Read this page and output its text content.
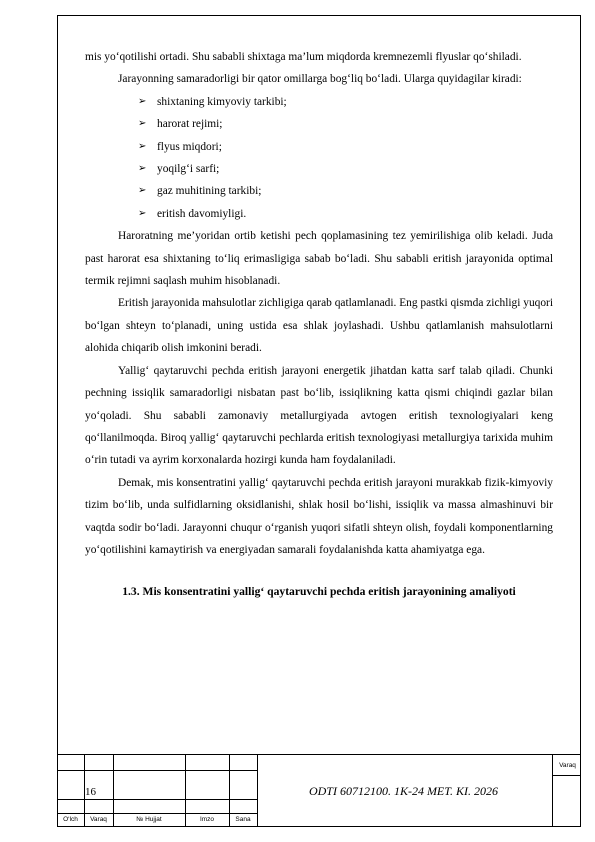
mis yo‘qotilishi ortadi. Shu sababli shixtaga ma’lum miqdorda kremnezemli flyuslar qo‘shiladi.

Jarayonning samaradorligi bir qator omillarga bog‘liq bo‘ladi. Ularga quyidagilar kiradi:

➢ shixtaning kimyoviy tarkibi;
➢ harorat rejimi;
➢ flyus miqdori;
➢ yoqilg‘i sarfi;
➢ gaz muhitining tarkibi;
➢ eritish davomiyligi.

Haroratning me’yoridan ortib ketishi pech qoplamasining tez yemirilishiga olib keladi. Juda past harorat esa shixtaning to‘liq erimasligiga sabab bo‘ladi. Shu sababli eritish jarayonida optimal termik rejimni saqlash muhim hisoblanadi.

Eritish jarayonida mahsulotlar zichligiga qarab qatlamlanadi. Eng pastki qismda zichligi yuqori bo‘lgan shteyn to‘planadi, uning ustida esa shlak joylashadi. Ushbu qatlamlanish mahsulotlarni alohida chiqarib olish imkonini beradi.

Yallig‘ qaytaruvchi pechda eritish jarayoni energetik jihatdan katta sarf talab qiladi. Chunki pechning issiqlik samaradorligi nisbatan past bo‘lib, issiqlikning katta qismi chiqindi gazlar bilan yo‘qoladi. Shu sababli zamonaviy metallurgiyada avtogen eritish texnologiyalari keng qo‘llanilmoqda. Biroq yallig‘ qaytaruvchi pechlarda eritish texnologiyasi metallurgiya tarixida muhim o‘rin tutadi va ayrim korxonalarda hozirgi kunda ham foydalaniladi.

Demak, mis konsentratini yallig‘ qaytaruvchi pechda eritish jarayoni murakkab fizik-kimyoviy tizim bo‘lib, unda sulfidlarning oksidlanishi, shlak hosil bo‘lishi, issiqlik va massa almashinuvi bir vaqtda sodir bo‘ladi. Jarayonni chuqur o‘rganish yuqori sifatli shteyn olish, foydali komponentlarning yo‘qotilishini kamaytirish va energiyadan samarali foydalanishda katta ahamiyatga ega.

1.3. Mis konsentratini yallig‘ qaytaruvchi pechda eritish jarayonining amaliyoti

16	ODTI 60712100. 1K-24 MET. KI. 2026
Varaq
O‘lch	Varaq	№ Hujjat	Imzo	Sana
